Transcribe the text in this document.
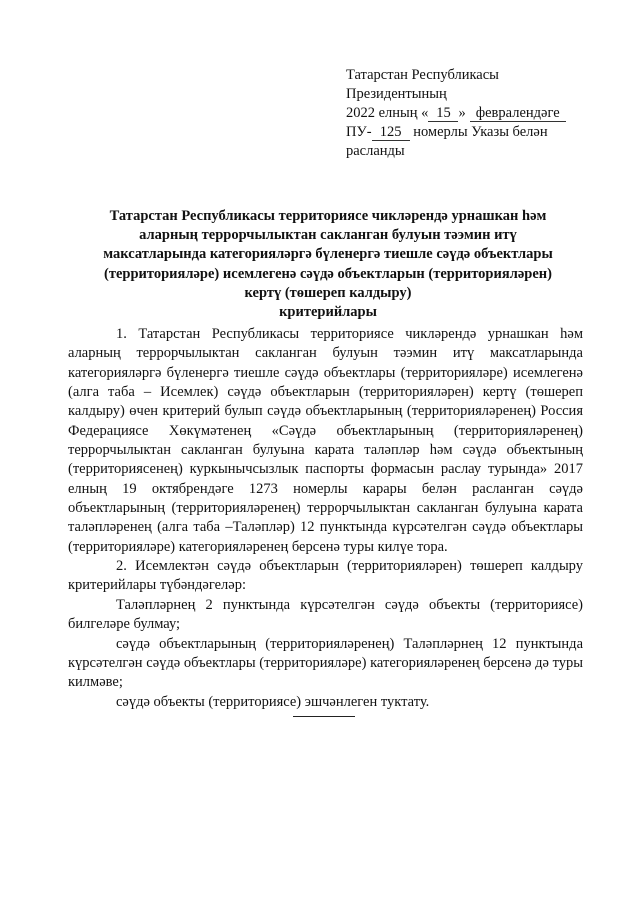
Татарстан Республикасы
Президентының
2022 елның « 15 » февралендәге
ПУ- 125 номерлы Указы белән
расланды
Татарстан Республикасы территориясе чикләрендә урнашкан һәм
аларның террорчылыктан сакланган булуын тәэмин итү
максатларында категорияләргә бүленергә тиешле сәүдә объектлары
(территорияләре) исемлегенә сәүдә объектларын (территорияләрен)
кертү (төшереп калдыру)
критерийлары

1. Татарстан Республикасы территориясе чикләрендә урнашкан һәм аларның террорчылыктан сакланган булуын тәэмин итү максатларында категорияләргә бүленергә тиешле сәүдә объектлары (территорияләре) исемлегенә (алга таба – Исемлек) сәүдә объектларын (территорияләрен) кертү (төшереп калдыру) өчен критерий булып сәүдә объектларының (территорияләренең) Россия Федерациясе Хөкүмәтенең «Сәүдә объектларының (территорияләренең) террорчылыктан сакланган булуына карата таләпләр һәм сәүдә объектының (территориясенең) куркынычсызлык паспорты формасын раслау турында» 2017 елның 19 октябрендәге 1273 номерлы карары белән расланган сәүдә объектларының (территорияләренең) террорчылыктан сакланган булуына карата таләпләренең (алга таба –Таләпләр) 12 пунктында күрсәтелгән сәүдә объектлары (территорияләре) категорияләренең берсенә туры килүе тора.

2. Исемлектән сәүдә объектларын (территорияләрен) төшереп калдыру критерийлары түбәндәгеләр:

Таләпләрнең 2 пунктында күрсәтелгән сәүдә объекты (территориясе) билгеләре булмау;

сәүдә объектларының (территорияләренең) Таләпләрнең 12 пунктында күрсәтелгән сәүдә объектлары (территорияләре) категорияләренең берсенә дә туры килмәве;

сәүдә объекты (территориясе) эшчәнлеген туктату.
